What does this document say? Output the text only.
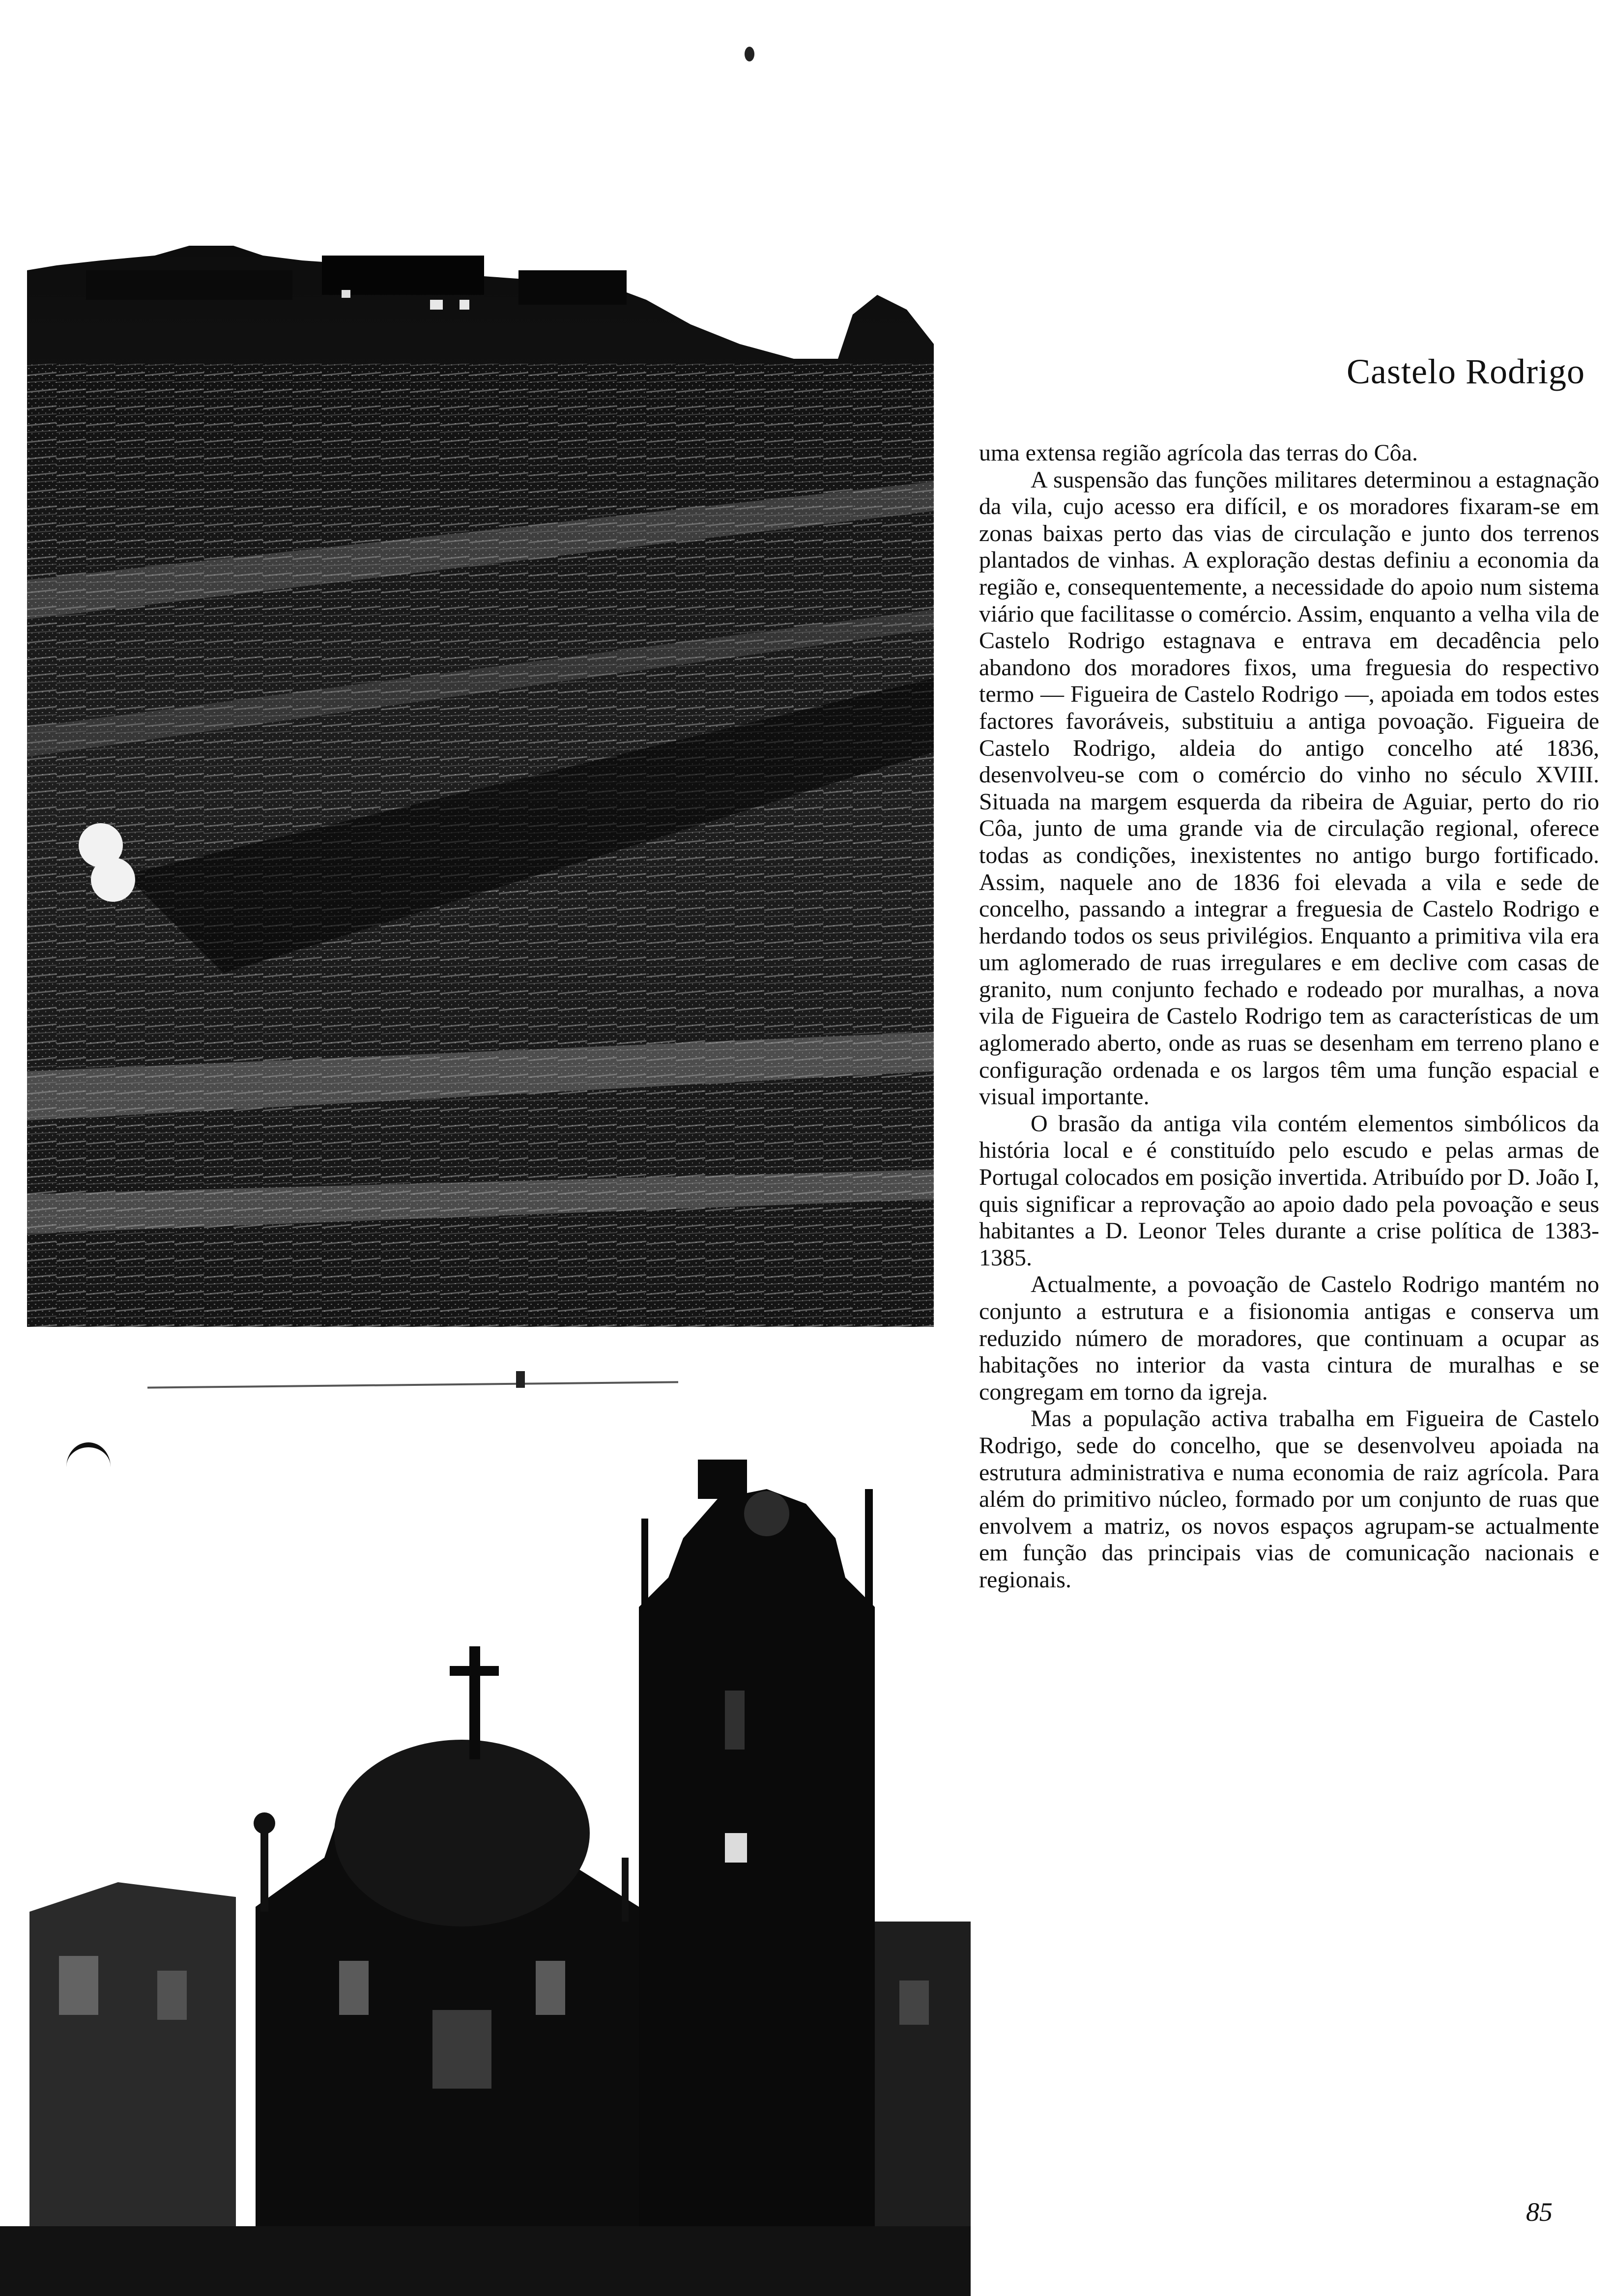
Castelo Rodrigo

uma extensa região agrícola das terras do Côa.

A suspensão das funções militares determinou a estagnação da vila, cujo acesso era difícil, e os moradores fixaram-se em zonas baixas perto das vias de circulação e junto dos terrenos plantados de vinhas. A exploração destas definiu a economia da região e, consequentemente, a necessidade do apoio num sistema viário que facilitasse o comércio. Assim, enquanto a velha vila de Castelo Rodrigo estagnava e entrava em decadência pelo abandono dos moradores fixos, uma freguesia do respectivo termo — Figueira de Castelo Rodrigo —, apoiada em todos estes factores favoráveis, substituiu a antiga povoação. Figueira de Castelo Rodrigo, aldeia do antigo concelho até 1836, desenvolveu-se com o comércio do vinho no século XVIII. Situada na margem esquerda da ribeira de Aguiar, perto do rio Côa, junto de uma grande via de circulação regional, oferece todas as condições, inexistentes no antigo burgo fortificado. Assim, naquele ano de 1836 foi elevada a vila e sede de concelho, passando a integrar a freguesia de Castelo Rodrigo e herdando todos os seus privilégios. Enquanto a primitiva vila era um aglomerado de ruas irregulares e em declive com casas de granito, num conjunto fechado e rodeado por muralhas, a nova vila de Figueira de Castelo Rodrigo tem as características de um aglomerado aberto, onde as ruas se desenham em terreno plano e configuração ordenada e os largos têm uma função espacial e visual importante.

O brasão da antiga vila contém elementos simbólicos da história local e é constituído pelo escudo e pelas armas de Portugal colocados em posição invertida. Atribuído por D. João I, quis significar a reprovação ao apoio dado pela povoação e seus habitantes a D. Leonor Teles durante a crise política de 1383-1385.

Actualmente, a povoação de Castelo Rodrigo mantém no conjunto a estrutura e a fisionomia antigas e conserva um reduzido número de moradores, que continuam a ocupar as habitações no interior da vasta cintura de muralhas e se congregam em torno da igreja.

Mas a população activa trabalha em Figueira de Castelo Rodrigo, sede do concelho, que se desenvolveu apoiada na estrutura administrativa e numa economia de raiz agrícola. Para além do primitivo núcleo, formado por um conjunto de ruas que envolvem a matriz, os novos espaços agrupam-se actualmente em função das principais vias de comunicação nacionais e regionais.

85
